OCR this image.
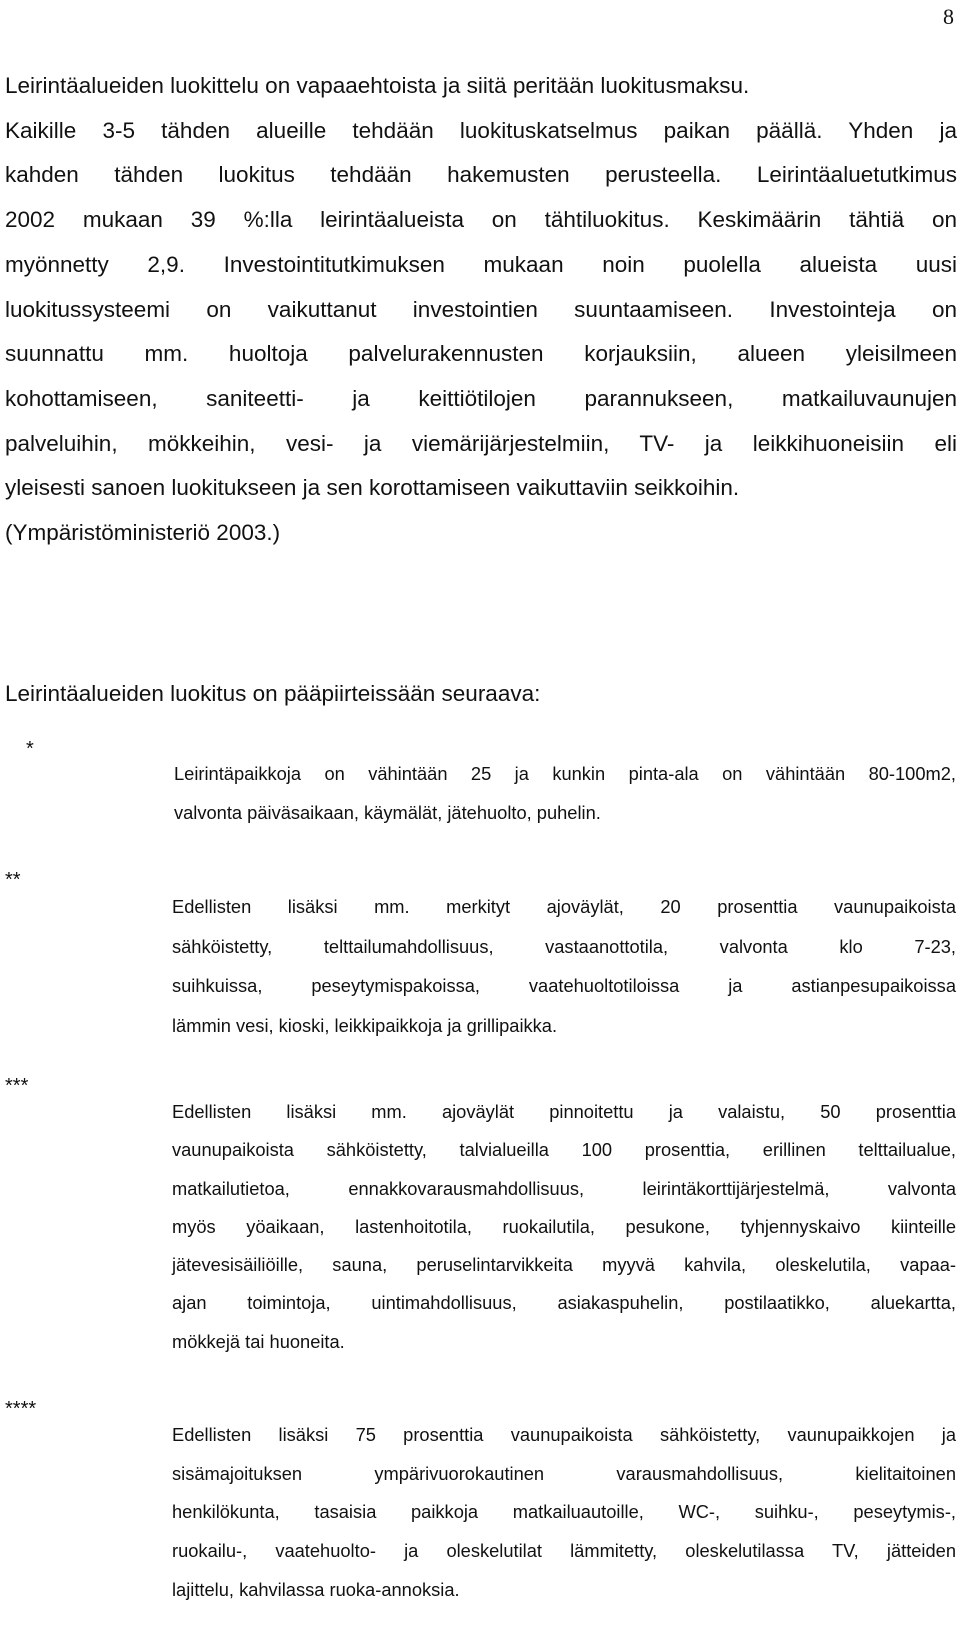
8
Leirintäalueiden luokittelu on vapaaehtoista ja siitä peritään luokitusmaksu.
Kaikille 3-5 tähden alueille tehdään luokituskatselmus paikan päällä. Yhden ja
kahden tähden luokitus tehdään hakemusten perusteella. Leirintäaluetutkimus
2002 mukaan 39 %:lla leirintäalueista on tähtiluokitus. Keskimäärin tähtiä on
myönnetty 2,9. Investointitutkimuksen mukaan noin puolella alueista uusi
luokitussysteemi on vaikuttanut investointien suuntaamiseen. Investointeja on
suunnattu mm. huoltoja palvelurakennusten korjauksiin, alueen yleisilmeen
kohottamiseen, saniteetti- ja keittiötilojen parannukseen, matkailuvaunujen
palveluihin, mökkeihin, vesi- ja viemärijärjestelmiin, TV- ja leikkihuoneisiin eli
yleisesti sanoen luokitukseen ja sen korottamiseen vaikuttaviin seikkoihin.
(Ympäristöministeriö 2003.)
Leirintäalueiden luokitus on pääpiirteissään seuraava:
*
Leirintäpaikkoja on vähintään 25 ja kunkin pinta-ala on vähintään 80-100m2,
valvonta päiväsaikaan, käymälät, jätehuolto, puhelin.
**
Edellisten lisäksi mm. merkityt ajoväylät, 20 prosenttia vaunupaikoista
sähköistetty, telttailumahdollisuus, vastaanottotila, valvonta klo 7-23,
suihkuissa, peseytymispakoissa, vaatehuoltotiloissa ja astianpesupaikoissa
lämmin vesi, kioski, leikkipaikkoja ja grillipaikka.
***
Edellisten lisäksi mm. ajoväylät pinnoitettu ja valaistu, 50 prosenttia
vaunupaikoista sähköistetty, talvialueilla 100 prosenttia, erillinen telttailualue,
matkailutietoa, ennakkovarausmahdollisuus, leirintäkorttijärjestelmä, valvonta
myös yöaikaan, lastenhoitotila, ruokailutila, pesukone, tyhjennyskaivo kiinteille
jätevesisäiliöille, sauna, peruselintarvikkeita myyvä kahvila, oleskelutila, vapaa-
ajan toimintoja, uintimahdollisuus, asiakaspuhelin, postilaatikko, aluekartta,
mökkejä tai huoneita.
****
Edellisten lisäksi 75 prosenttia vaunupaikoista sähköistetty, vaunupaikkojen ja
sisämajoituksen ympärivuorokautinen varausmahdollisuus, kielitaitoinen
henkilökunta, tasaisia paikkoja matkailuautoille, WC-, suihku-, peseytymis-,
ruokailu-, vaatehuolto- ja oleskelutilat lämmitetty, oleskelutilassa TV, jätteiden
lajittelu, kahvilassa ruoka-annoksia.
